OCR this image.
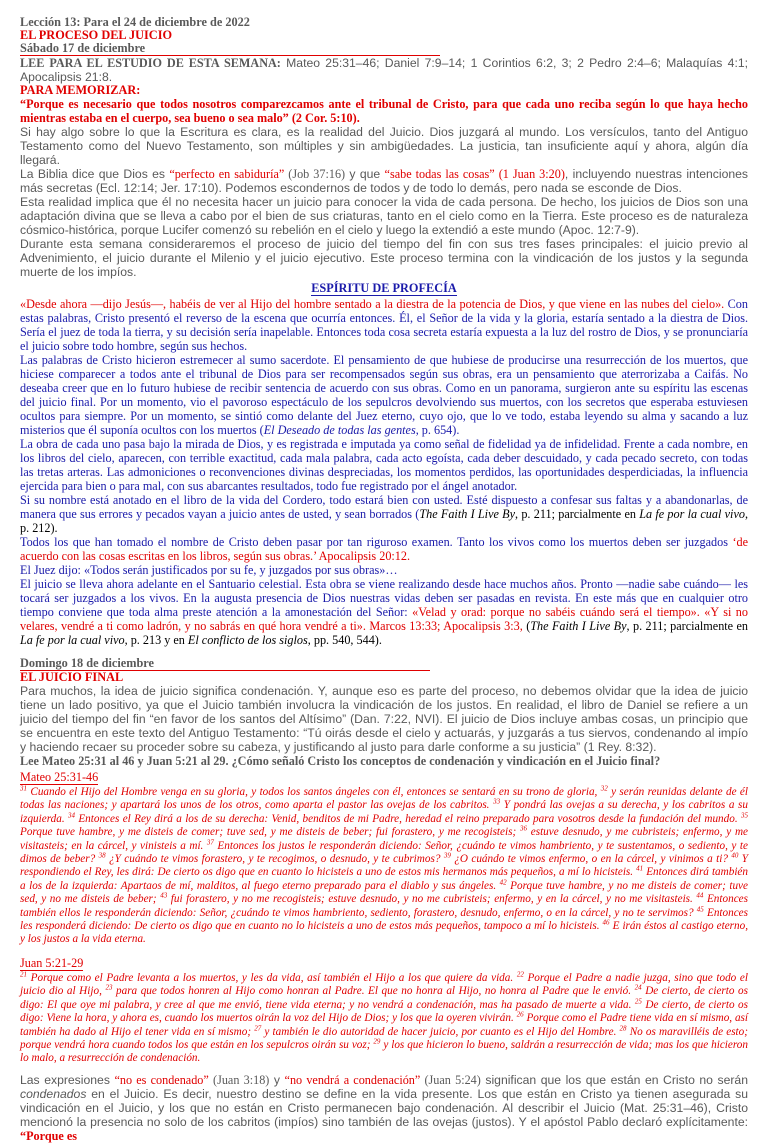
Lección 13: Para el 24 de diciembre de 2022
EL PROCESO DEL JUICIO
Sábado 17 de diciembre

LEE PARA EL ESTUDIO DE ESTA SEMANA: Mateo 25:31–46; Daniel 7:9–14; 1 Corintios 6:2, 3; 2 Pedro 2:4–6; Malaquías 4:1; Apocalipsis 21:8.

PARA MEMORIZAR:

“Porque es necesario que todos nosotros comparezcamos ante el tribunal de Cristo, para que cada uno reciba según lo que haya hecho mientras estaba en el cuerpo, sea bueno o sea malo” (2 Cor. 5:10).

Si hay algo sobre lo que la Escritura es clara, es la realidad del Juicio. Dios juzgará al mundo. Los versículos, tanto del Antiguo Testamento como del Nuevo Testamento, son múltiples y sin ambigüedades. La justicia, tan insuficiente aquí y ahora, algún día llegará.

La Biblia dice que Dios es “perfecto en sabiduría” (Job 37:16) y que “sabe todas las cosas” (1 Juan 3:20), incluyendo nuestras intenciones más secretas (Ecl. 12:14; Jer. 17:10). Podemos escondernos de todos y de todo lo demás, pero nada se esconde de Dios.

Esta realidad implica que él no necesita hacer un juicio para conocer la vida de cada persona. De hecho, los juicios de Dios son una adaptación divina que se lleva a cabo por el bien de sus criaturas, tanto en el cielo como en la Tierra. Este proceso es de naturaleza cósmico-histórica, porque Lucifer comenzó su rebelión en el cielo y luego la extendió a este mundo (Apoc. 12:7-9).

Durante esta semana consideraremos el proceso de juicio del tiempo del fin con sus tres fases principales: el juicio previo al Advenimiento, el juicio durante el Milenio y el juicio ejecutivo. Este proceso termina con la vindicación de los justos y la segunda muerte de los impíos.

ESPÍRITU DE PROFECÍA

«Desde ahora —dijo Jesús—, habéis de ver al Hijo del hombre sentado a la diestra de la potencia de Dios, y que viene en las nubes del cielo». Con estas palabras, Cristo presentó el reverso de la escena que ocurría entonces. Él, el Señor de la vida y la gloria, estaría sentado a la diestra de Dios. Sería el juez de toda la tierra, y su decisión sería inapelable. Entonces toda cosa secreta estaría expuesta a la luz del rostro de Dios, y se pronunciaría el juicio sobre todo hombre, según sus hechos.

Las palabras de Cristo hicieron estremecer al sumo sacerdote. El pensamiento de que hubiese de producirse una resurrección de los muertos, que hiciese comparecer a todos ante el tribunal de Dios para ser recompensados según sus obras, era un pensamiento que aterrorizaba a Caifás. No deseaba creer que en lo futuro hubiese de recibir sentencia de acuerdo con sus obras. Como en un panorama, surgieron ante su espíritu las escenas del juicio final. Por un momento, vio el pavoroso espectáculo de los sepulcros devolviendo sus muertos, con los secretos que esperaba estuviesen ocultos para siempre. Por un momento, se sintió como delante del Juez eterno, cuyo ojo, que lo ve todo, estaba leyendo su alma y sacando a luz misterios que él suponía ocultos con los muertos (El Deseado de todas las gentes, p. 654).

La obra de cada uno pasa bajo la mirada de Dios, y es registrada e imputada ya como señal de fidelidad ya de infidelidad. Frente a cada nombre, en los libros del cielo, aparecen, con terrible exactitud, cada mala palabra, cada acto egoísta, cada deber descuidado, y cada pecado secreto, con todas las tretas arteras. Las admoniciones o reconvenciones divinas despreciadas, los momentos perdidos, las oportunidades desperdiciadas, la influencia ejercida para bien o para mal, con sus abarcantes resultados, todo fue registrado por el ángel anotador.

Si su nombre está anotado en el libro de la vida del Cordero, todo estará bien con usted. Esté dispuesto a confesar sus faltas y a abandonarlas, de manera que sus errores y pecados vayan a juicio antes de usted, y sean borrados (The Faith I Live By, p. 211; parcialmente en La fe por la cual vivo, p. 212).

Todos los que han tomado el nombre de Cristo deben pasar por tan riguroso examen. Tanto los vivos como los muertos deben ser juzgados ‘de acuerdo con las cosas escritas en los libros, según sus obras.’ Apocalipsis 20:12.

El Juez dijo: «Todos serán justificados por su fe, y juzgados por sus obras»…

El juicio se lleva ahora adelante en el Santuario celestial. Esta obra se viene realizando desde hace muchos años. Pronto —nadie sabe cuándo— les tocará ser juzgados a los vivos. En la augusta presencia de Dios nuestras vidas deben ser pasadas en revista. En este más que en cualquier otro tiempo conviene que toda alma preste atención a la amonestación del Señor: «Velad y orad: porque no sabéis cuándo será el tiempo». «Y si no velares, vendré a ti como ladrón, y no sabrás en qué hora vendré a ti». Marcos 13:33; Apocalipsis 3:3, (The Faith I Live By, p. 211; parcialmente en La fe por la cual vivo, p. 213 y en El conflicto de los siglos, pp. 540, 544).

Domingo 18 de diciembre
EL JUICIO FINAL

Para muchos, la idea de juicio significa condenación. Y, aunque eso es parte del proceso, no debemos olvidar que la idea de juicio tiene un lado positivo, ya que el Juicio también involucra la vindicación de los justos. En realidad, el libro de Daniel se refiere a un juicio del tiempo del fin “en favor de los santos del Altísimo” (Dan. 7:22, NVI). El juicio de Dios incluye ambas cosas, un principio que se encuentra en este texto del Antiguo Testamento: “Tú oirás desde el cielo y actuarás, y juzgarás a tus siervos, condenando al impío y haciendo recaer su proceder sobre su cabeza, y justificando al justo para darle conforme a su justicia” (1 Rey. 8:32).

Lee Mateo 25:31 al 46 y Juan 5:21 al 29. ¿Cómo señaló Cristo los conceptos de condenación y vindicación en el Juicio final?

Mateo 25:31-46

$^{31}$ Cuando el Hijo del Hombre venga en su gloria, y todos los santos ángeles con él, entonces se sentará en su trono de gloria, $^{32}$ y serán reunidas delante de él todas las naciones; y apartará los unos de los otros, como aparta el pastor las ovejas de los cabritos. $^{33}$ Y pondrá las ovejas a su derecha, y los cabritos a su izquierda. $^{34}$ Entonces el Rey dirá a los de su derecha: Venid, benditos de mi Padre, heredad el reino preparado para vosotros desde la fundación del mundo. $^{35}$ Porque tuve hambre, y me disteis de comer; tuve sed, y me disteis de beber; fui forastero, y me recogisteis; $^{36}$ estuve desnudo, y me cubristeis; enfermo, y me visitasteis; en la cárcel, y vinisteis a mí. $^{37}$ Entonces los justos le responderán diciendo: Señor, ¿cuándo te vimos hambriento, y te sustentamos, o sediento, y te dimos de beber? $^{38}$ ¿Y cuándo te vimos forastero, y te recogimos, o desnudo, y te cubrimos? $^{39}$ ¿O cuándo te vimos enfermo, o en la cárcel, y vinimos a ti? $^{40}$ Y respondiendo el Rey, les dirá: De cierto os digo que en cuanto lo hicisteis a uno de estos mis hermanos más pequeños, a mí lo hicisteis. $^{41}$ Entonces dirá también a los de la izquierda: Apartaos de mí, malditos, al fuego eterno preparado para el diablo y sus ángeles. $^{42}$ Porque tuve hambre, y no me disteis de comer; tuve sed, y no me disteis de beber; $^{43}$ fui forastero, y no me recogisteis; estuve desnudo, y no me cubristeis; enfermo, y en la cárcel, y no me visitasteis. $^{44}$ Entonces también ellos le responderán diciendo: Señor, ¿cuándo te vimos hambriento, sediento, forastero, desnudo, enfermo, o en la cárcel, y no te servimos? $^{45}$ Entonces les responderá diciendo: De cierto os digo que en cuanto no lo hicisteis a uno de estos más pequeños, tampoco a mí lo hicisteis. $^{46}$ E irán éstos al castigo eterno, y los justos a la vida eterna.

Juan 5:21-29

$^{21}$ Porque como el Padre levanta a los muertos, y les da vida, así también el Hijo a los que quiere da vida. $^{22}$ Porque el Padre a nadie juzga, sino que todo el juicio dio al Hijo, $^{23}$ para que todos honren al Hijo como honran al Padre. El que no honra al Hijo, no honra al Padre que le envió. $^{24}$ De cierto, de cierto os digo: El que oye mi palabra, y cree al que me envió, tiene vida eterna; y no vendrá a condenación, mas ha pasado de muerte a vida. $^{25}$ De cierto, de cierto os digo: Viene la hora, y ahora es, cuando los muertos oirán la voz del Hijo de Dios; y los que la oyeren vivirán. $^{26}$ Porque como el Padre tiene vida en sí mismo, así también ha dado al Hijo el tener vida en sí mismo; $^{27}$ y también le dio autoridad de hacer juicio, por cuanto es el Hijo del Hombre. $^{28}$ No os maravilléis de esto; porque vendrá hora cuando todos los que están en los sepulcros oirán su voz; $^{29}$ y los que hicieron lo bueno, saldrán a resurrección de vida; mas los que hicieron lo malo, a resurrección de condenación.

Las expresiones “no es condenado” (Juan 3:18) y “no vendrá a condenación” (Juan 5:24) significan que los que están en Cristo no serán condenados en el Juicio. Es decir, nuestro destino se define en la vida presente. Los que están en Cristo ya tienen asegurada su vindicación en el Juicio, y los que no están en Cristo permanecen bajo condenación. Al describir el Juicio (Mat. 25:31–46), Cristo mencionó la presencia no solo de los cabritos (impíos) sino también de las ovejas (justos). Y el apóstol Pablo declaró explícitamente: “Porque es
